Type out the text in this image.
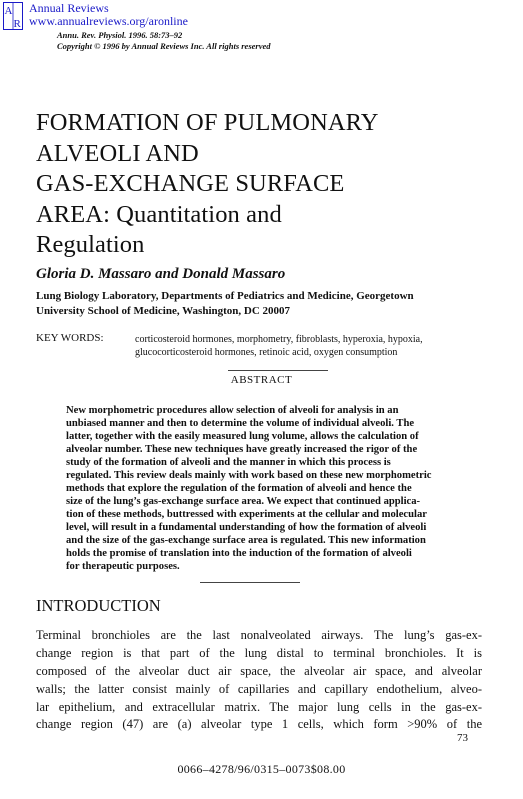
A
R
Annual Reviews
www.annualreviews.org/aronline
Annu. Rev. Physiol. 1996. 58:73–92
Copyright © 1996 by Annual Reviews Inc. All rights reserved
FORMATION OF PULMONARY
ALVEOLI AND
GAS-EXCHANGE SURFACE
AREA: Quantitation and
Regulation
Gloria D. Massaro and Donald Massaro
Lung Biology Laboratory, Departments of Pediatrics and Medicine, Georgetown
University School of Medicine, Washington, DC 20007
KEY WORDS:	corticosteroid hormones, morphometry, fibroblasts, hyperoxia, hypoxia,
glucocorticosteroid hormones, retinoic acid, oxygen consumption
ABSTRACT
New morphometric procedures allow selection of alveoli for analysis in an
unbiased manner and then to determine the volume of individual alveoli. The
latter, together with the easily measured lung volume, allows the calculation of
alveolar number. These new techniques have greatly increased the rigor of the
study of the formation of alveoli and the manner in which this process is
regulated. This review deals mainly with work based on these new morphometric
methods that explore the regulation of the formation of alveoli and hence the
size of the lung’s gas-exchange surface area. We expect that continued applica-
tion of these methods, buttressed with experiments at the cellular and molecular
level, will result in a fundamental understanding of how the formation of alveoli
and the size of the gas-exchange surface area is regulated. This new information
holds the promise of translation into the induction of the formation of alveoli
for therapeutic purposes.
INTRODUCTION
Terminal bronchioles are the last nonalveolated airways. The lung’s gas-ex-
change region is that part of the lung distal to terminal bronchioles. It is
composed of the alveolar duct air space, the alveolar air space, and alveolar
walls; the latter consist mainly of capillaries and capillary endothelium, alveo-
lar epithelium, and extracellular matrix. The major lung cells in the gas-ex-
change region (47) are (a) alveolar type 1 cells, which form >90% of the
73
0066–4278/96/0315–0073$08.00
